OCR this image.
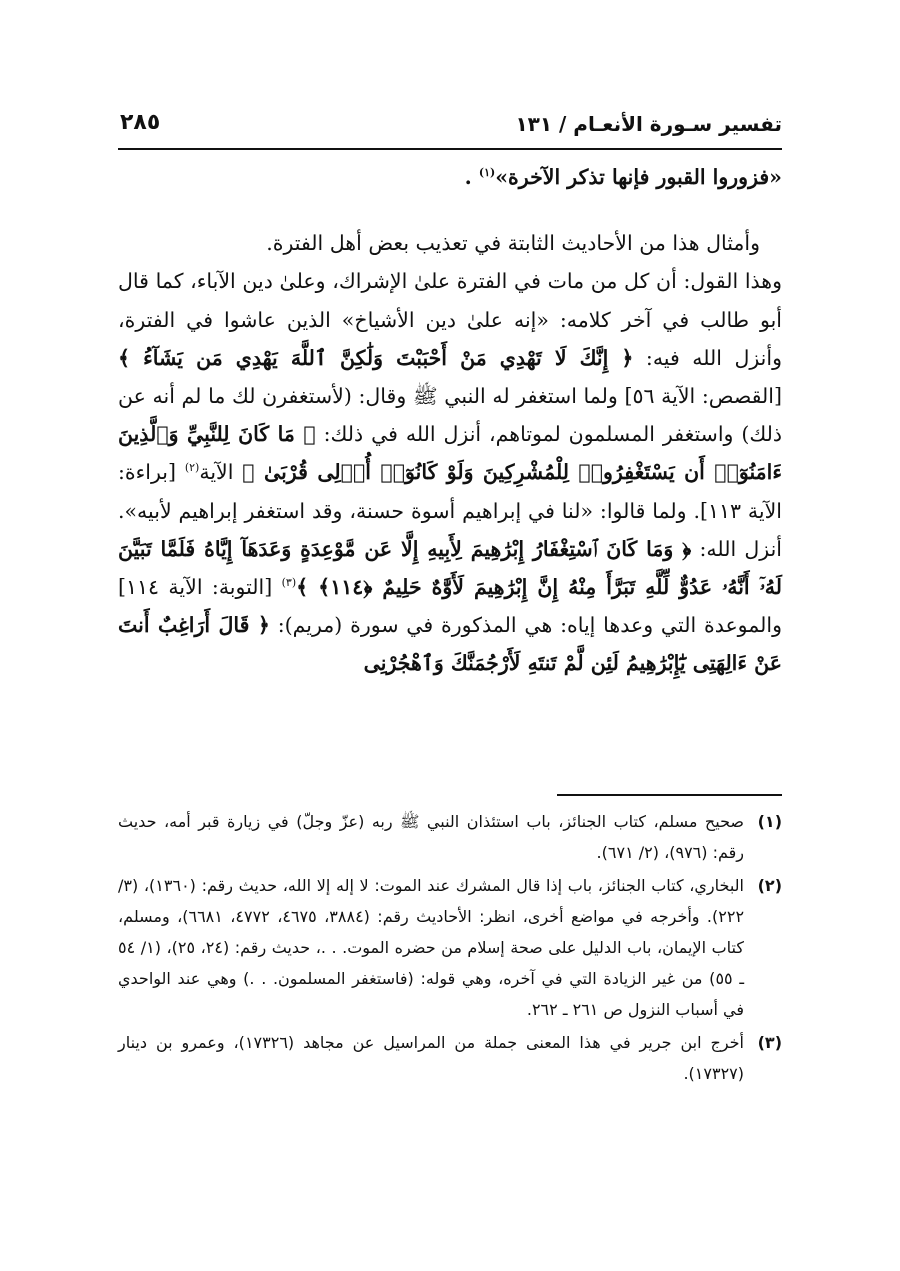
تفسير سـورة الأنعـام / ١٣١
٢٨٥

«فزوروا القبور فإنها تذكر الآخرة»$^{(١)}$ .

وأمثال هذا من الأحاديث الثابتة في تعذيب بعض أهل الفترة.

وهذا القول: أن كل من مات في الفترة علىٰ الإشراك، وعلىٰ دين الآباء، كما قال أبو طالب في آخر كلامه: «إنه علىٰ دين الأشياخ» الذين عاشوا في الفترة، وأنزل الله فيه: ﴿ إِنَّكَ لَا تَهْدِي مَنْ أَحْبَبْتَ وَلَٰكِنَّ ٱللَّهَ يَهْدِي مَن يَشَآءُ ﴾ [القصص: الآية ٥٦] ولما استغفر له النبي ﷺ وقال: (لأستغفرن لك ما لم أنه عن ذلك) واستغفر المسلمون لموتاهم، أنزل الله في ذلك: ﴿ مَا كَانَ لِلنَّبِيِّ وَٱلَّذِينَ ءَامَنُوٓا۟ أَن يَسْتَغْفِرُوا۟ لِلْمُشْرِكِينَ وَلَوْ كَانُوٓا۟ أُو۟لِى قُرْبَىٰ ﴾ الآية$^{(٢)}$ [براءة: الآية ١١٣]. ولما قالوا: «لنا في إبراهيم أسوة حسنة، وقد استغفر إبراهيم لأبيه». أنزل الله: ﴿ وَمَا كَانَ ٱسْتِغْفَارُ إِبْرَٰهِيمَ لِأَبِيهِ إِلَّا عَن مَّوْعِدَةٍ وَعَدَهَآ إِيَّاهُ فَلَمَّا تَبَيَّنَ لَهُۥٓ أَنَّهُۥ عَدُوٌّ لِّلَّهِ تَبَرَّأَ مِنْهُ إِنَّ إِبْرَٰهِيمَ لَأَوَّٰهٌ حَلِيمٌ ﴿١١٤﴾ ﴾$^{(٣)}$ [التوبة: الآية ١١٤] والموعدة التي وعدها إياه: هي المذكورة في سورة (مريم): ﴿ قَالَ أَرَاغِبٌ أَنتَ عَنْ ءَالِهَتِى يَٰٓإِبْرَٰهِيمُ لَئِن لَّمْ تَنتَهِ لَأَرْجُمَنَّكَ وَٱهْجُرْنِى

(١)
صحيح مسلم، كتاب الجنائز، باب استئذان النبي ﷺ ربه (عزّ وجلّ) في زيارة قبر أمه، حديث رقم: (٩٧٦)، (٢/ ٦٧١).
(٢)
البخاري، كتاب الجنائز، باب إذا قال المشرك عند الموت: لا إله إلا الله، حديث رقم: (١٣٦٠)، (٣/ ٢٢٢). وأخرجه في مواضع أخرى، انظر: الأحاديث رقم: (٣٨٨٤، ٤٦٧٥، ٤٧٧٢، ٦٦٨١)، ومسلم، كتاب الإيمان، باب الدليل على صحة إسلام من حضره الموت. . .، حديث رقم: (٢٤، ٢٥)، (١/ ٥٤ ـ ٥٥) من غير الزيادة التي في آخره، وهي قوله: (فاستغفر المسلمون. . .) وهي عند الواحدي في أسباب النزول ص ٢٦١ ـ ٢٦٢.
(٣)
أخرج ابن جرير في هذا المعنى جملة من المراسيل عن مجاهد (١٧٣٢٦)، وعمرو بن دينار (١٧٣٢٧).
